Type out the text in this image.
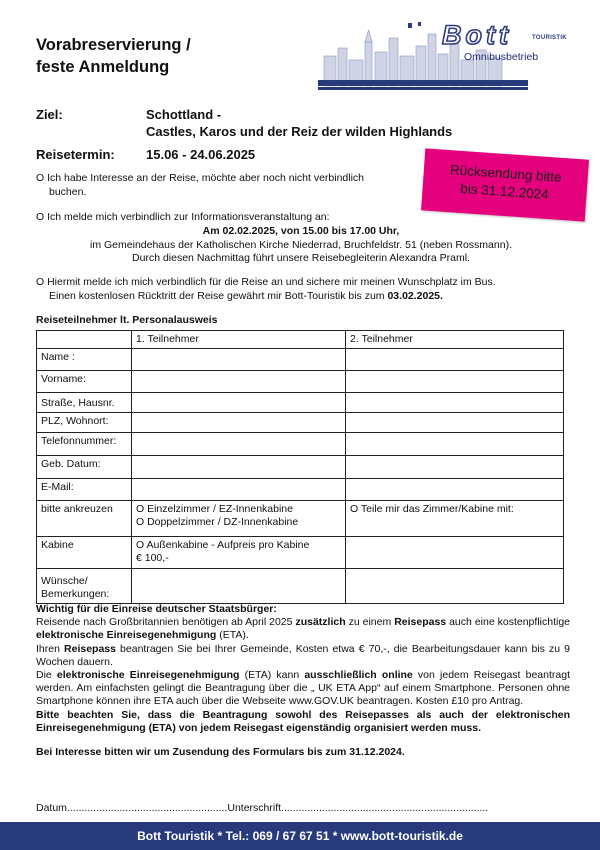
Vorabreservierung /
feste Anmeldung
Bott	TOURISTIK
Omnibusbetrieb
Ziel:	Schottland -
Castles, Karos und der Reiz der wilden Highlands
Reisetermin: 15.06 - 24.06.2025
Rücksendung bitte
bis 31.12.2024
O Ich habe Interesse an der Reise, möchte aber noch nicht verbindlich
buchen.
O Ich melde mich verbindlich zur Informationsveranstaltung an:
Am 02.02.2025, von 15.00 bis 17.00 Uhr,
im Gemeindehaus der Katholischen Kirche Niederrad, Bruchfeldstr. 51 (neben Rossmann).
Durch diesen Nachmittag führt unsere Reisebegleiterin Alexandra Praml.
O Hiermit melde ich mich verbindlich für die Reise an und sichere mir meinen Wunschplatz im Bus.
Einen kostenlosen Rücktritt der Reise gewährt mir Bott-Touristik bis zum 03.02.2025.
Reiseteilnehmer lt. Personalausweis
	1. Teilnehmer	2. Teilnehmer
Name :		
Vorname:		
Straße, Hausnr.		
PLZ, Wohnort:		
Telefonnummer:		
Geb. Datum:		
E-Mail:		
bitte ankreuzen	O Einzelzimmer / EZ-Innenkabine
O Doppelzimmer / DZ-Innenkabine	O Teile mir das Zimmer/Kabine mit:
Kabine	O Außenkabine - Aufpreis pro Kabine
€ 100,-	

Wünsche/
Bemerkungen:		

Wichtig für die Einreise deutscher Staatsbürger:

Reisende nach Großbritannien benötigen ab April 2025 zusätzlich zu einem Reisepass auch eine kostenpflichtige elektronische Einreisegenehmigung (ETA).

Ihren Reisepass beantragen Sie bei Ihrer Gemeinde, Kosten etwa € 70,-, die Bearbeitungsdauer kann bis zu 9 Wochen dauern.

Die elektronische Einreisegenehmigung (ETA) kann ausschließlich online von jedem Reisegast beantragt werden. Am einfachsten gelingt die Beantragung über die „ UK ETA App“ auf einem Smartphone. Personen ohne Smartphone können ihre ETA auch über die Webseite www.GOV.UK beantragen. Kosten £10 pro Antrag.

Bitte beachten Sie, dass die Beantragung sowohl des Reisepasses als auch der elektronischen Einreisegenehmigung (ETA) von jedem Reisegast eigenständig organisiert werden muss.

Bei Interesse bitten wir um Zusendung des Formulars bis zum 31.12.2024.

Datum.......................................................Unterschrift.......................................................................
Bott Touristik * Tel.: 069 / 67 67 51 * www.bott-touristik.de
